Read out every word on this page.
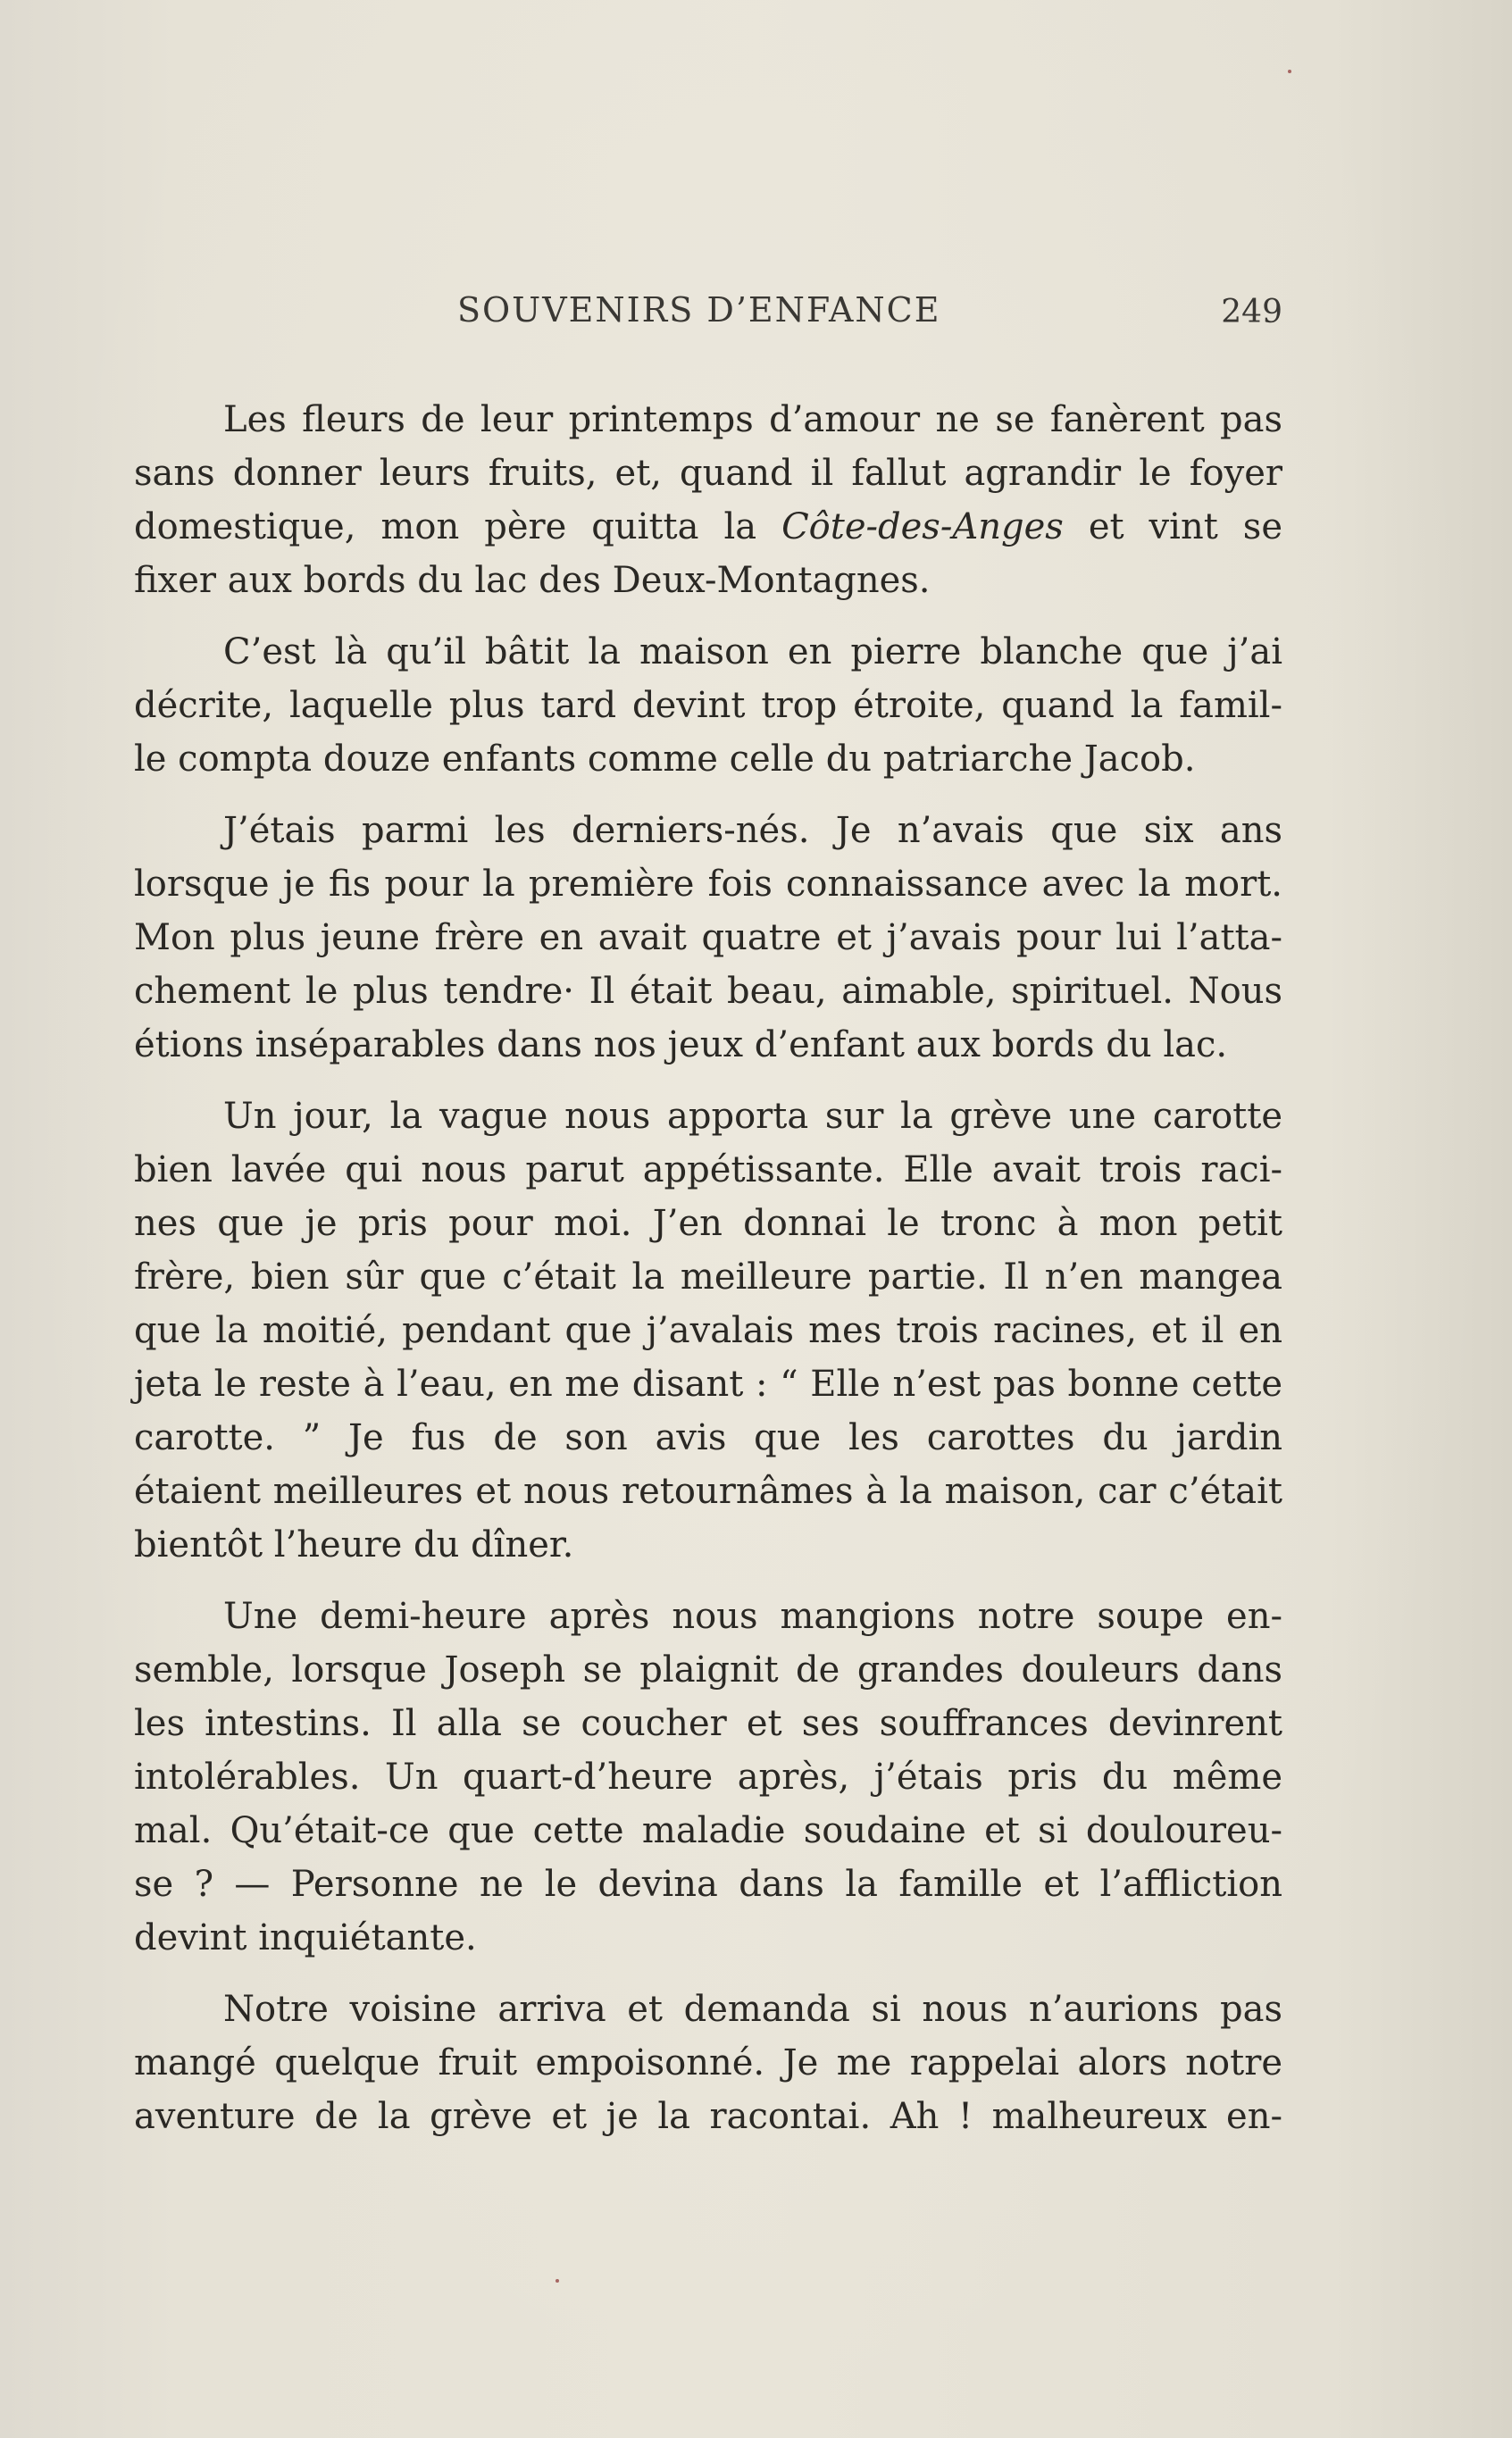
SOUVENIRS D’ENFANCE	249

Les fleurs de leur printemps d’amour ne se fanèrent pas
sans donner leurs fruits, et, quand il fallut agrandir le foyer
domestique, mon père quitta la Côte-des-Anges et vint se
fixer aux bords du lac des Deux-Montagnes.

C’est là qu’il bâtit la maison en pierre blanche que j’ai
décrite, laquelle plus tard devint trop étroite, quand la famil-
le compta douze enfants comme celle du patriarche Jacob.

J’étais parmi les derniers-nés. Je n’avais que six ans
lorsque je fis pour la première fois connaissance avec la mort.
Mon plus jeune frère en avait quatre et j’avais pour lui l’atta-
chement le plus tendre· Il était beau, aimable, spirituel. Nous
étions inséparables dans nos jeux d’enfant aux bords du lac.

Un jour, la vague nous apporta sur la grève une carotte
bien lavée qui nous parut appétissante. Elle avait trois raci-
nes que je pris pour moi. J’en donnai le tronc à mon petit
frère, bien sûr que c’était la meilleure partie. Il n’en mangea
que la moitié, pendant que j’avalais mes trois racines, et il en
jeta le reste à l’eau, en me disant : “ Elle n’est pas bonne cette
carotte. ” Je fus de son avis que les carottes du jardin
étaient meilleures et nous retournâmes à la maison, car c’était
bientôt l’heure du dîner.

Une demi-heure après nous mangions notre soupe en-
semble, lorsque Joseph se plaignit de grandes douleurs dans
les intestins. Il alla se coucher et ses souffrances devinrent
intolérables. Un quart-d’heure après, j’étais pris du même
mal. Qu’était-ce que cette maladie soudaine et si douloureu-
se ? — Personne ne le devina dans la famille et l’affliction
devint inquiétante.

Notre voisine arriva et demanda si nous n’aurions pas
mangé quelque fruit empoisonné. Je me rappelai alors notre
aventure de la grève et je la racontai. Ah ! malheureux en-
